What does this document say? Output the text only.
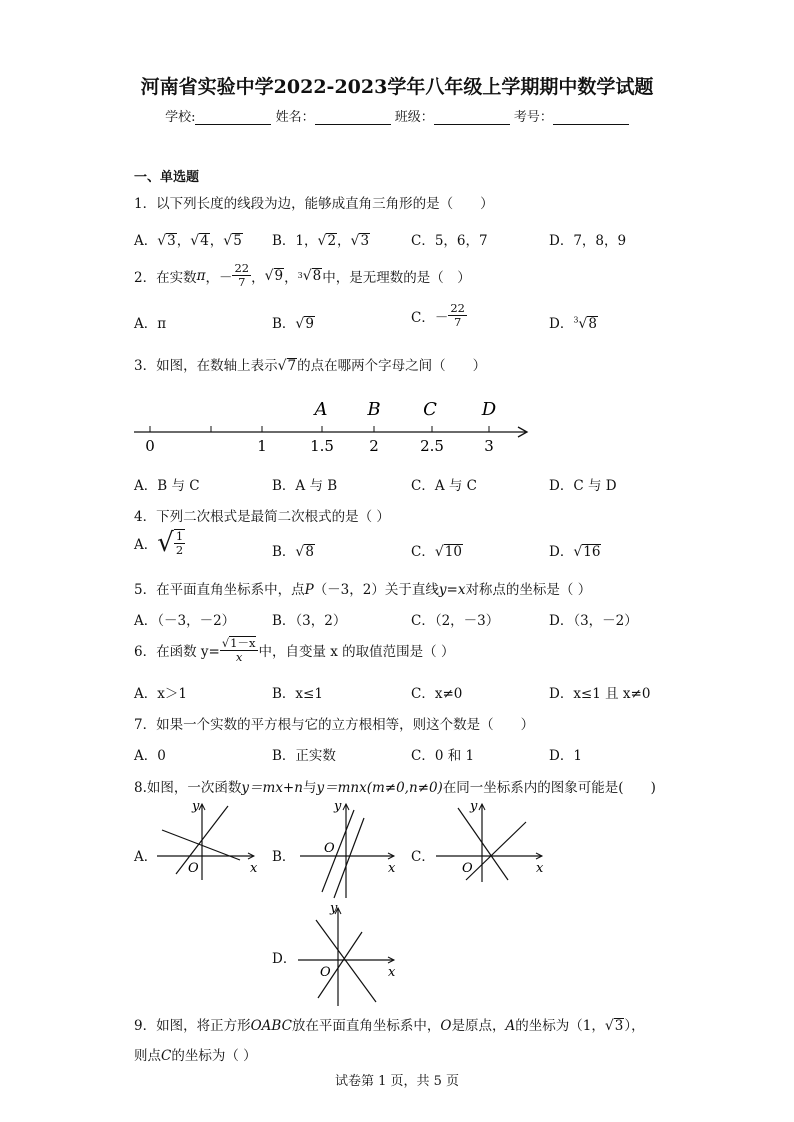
河南省实验中学2022-2023学年八年级上学期期中数学试题
学校:	姓名：	班级：	考号：
一、单选题
1．以下列长度的线段为边，能够成直角三角形的是（　　）
A．√3，√4，√5 B．1，√2，√3	C．5，6，7	D．7，8，9
2．在实数 π ，－ $\frac{22}{7}$ ， √ 9 ， 3 √ 8 中，是无理数的是（　）
A．π	B．√9	C． － $\frac{22}{7}$	D．$^3$√8
3．如图，在数轴上表示√7的点在哪两个字母之间（　　）
A B C D
0	1	1.5 2	2.5	3
A．B 与 C	B．A 与 B	C．A 与 C	D．C 与 D
4．下列二次根式是最简二次根式的是（ ）
A． √ $\frac{1}{2}$	B．√8	C．√10	D．√16
5．在平面直角坐标系中，点P（－3，2）关于直线y=x对称点的坐标是（ ）
A．（－3，－2）	B．（3，2）	C．（2，－3）	D．（3，－2）
6．在函数 $y= \frac{√1-x}{x}$ 中，自变量 x 的取值范围是（ ）
A．x＞1	B．x≤1	C．x≠0	D．x≤1 且 x≠0
7．如果一个实数的平方根与它的立方根相等，则这个数是（　　）
A．0	B．正实数	C．0 和 1	D．1
8.如图，一次函数y＝mx+n与y＝mnx(m≠0,n≠0)在同一坐标系内的图象可能是(　　)
A．
y
x
O
B．
y
x
O
C．
y
x
O
D．
y
x
O
9．如图，将正方形OABC放在平面直角坐标系中，O是原点，A的坐标为（1，√3），
则点C的坐标为（ ）
试卷第 1 页，共 5 页
